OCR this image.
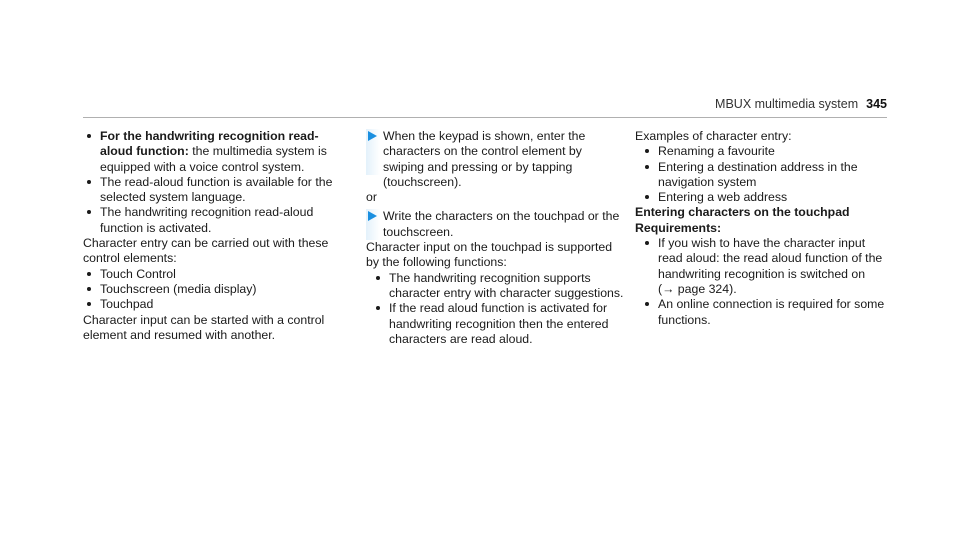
MBUX multimedia system 345
For the handwriting recognition read-aloud function: the multimedia system is equipped with a voice control system.
The read-aloud function is available for the selected system language.
The handwriting recognition read-aloud function is activated.
Character entry can be carried out with these control elements:
Touch Control
Touchscreen (media display)
Touchpad
Character input can be started with a control element and resumed with another.
When the keypad is shown, enter the characters on the control element by swiping and pressing or by tapping (touchscreen).
or
Write the characters on the touchpad or the touchscreen.
Character input on the touchpad is supported by the following functions:
The handwriting recognition supports character entry with character suggestions.
If the read aloud function is activated for handwriting recognition then the entered characters are read aloud.
Examples of character entry:
Renaming a favourite
Entering a destination address in the navigation system
Entering a web address
Entering characters on the touchpad
Requirements:
If you wish to have the character input read aloud: the read aloud function of the handwriting recognition is switched on
(→ page 324).
An online connection is required for some functions.
